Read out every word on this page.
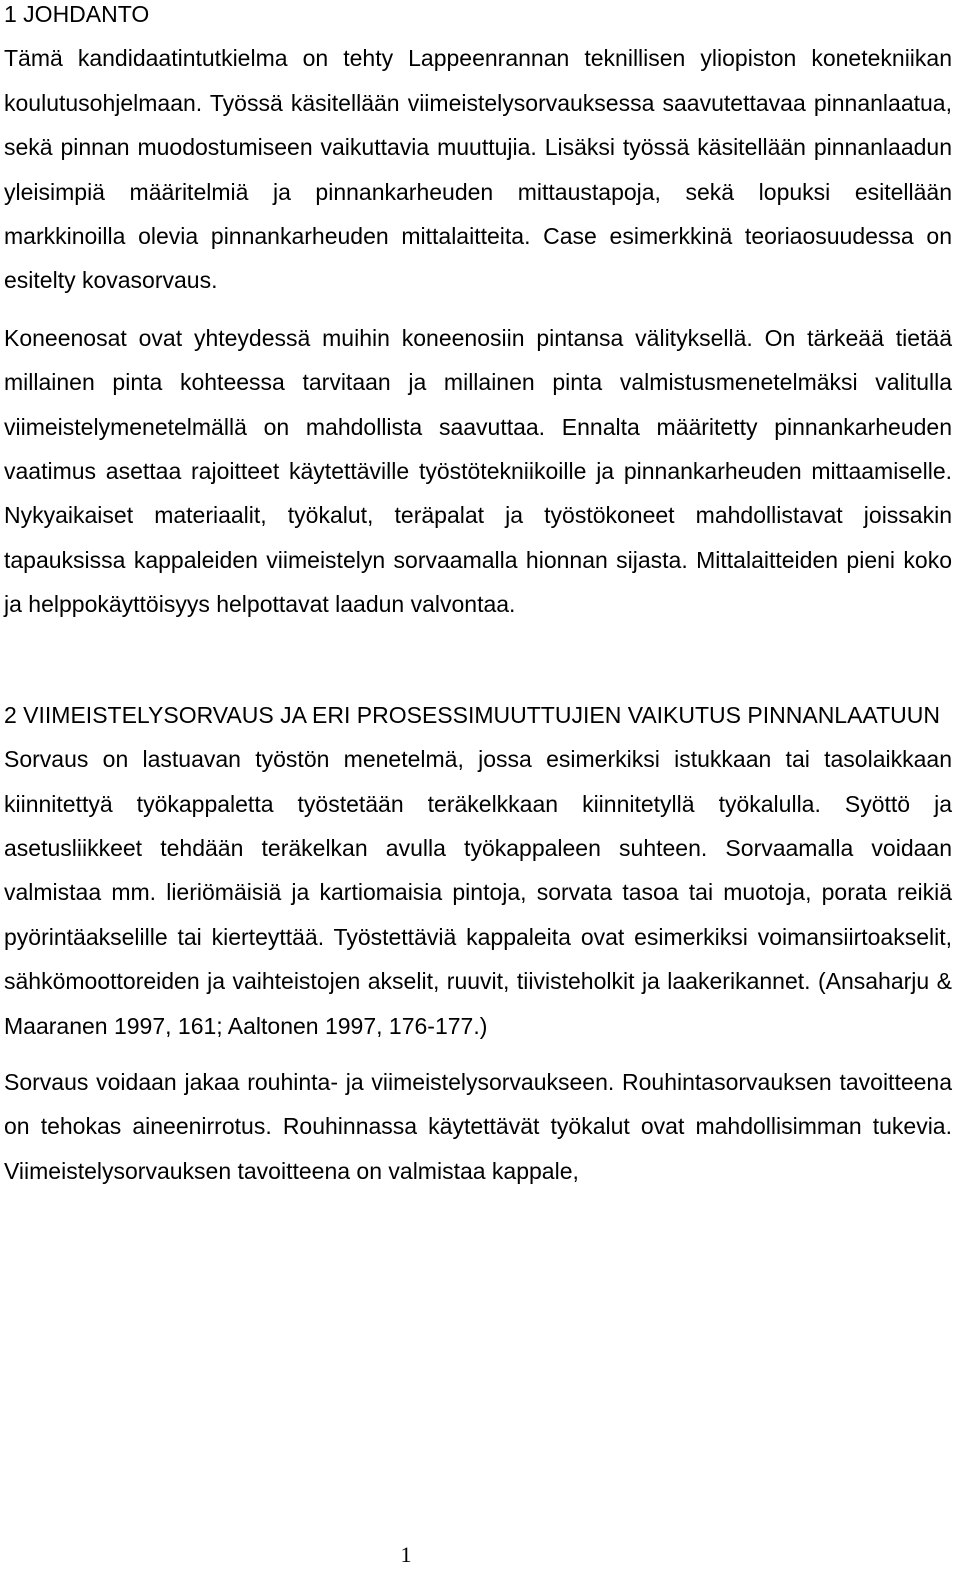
1 JOHDANTO

Tämä kandidaatintutkielma on tehty Lappeenrannan teknillisen yliopiston konetekniikan koulutusohjelmaan. Työssä käsitellään viimeistelysorvauksessa saavutettavaa pinnanlaatua, sekä pinnan muodostumiseen vaikuttavia muuttujia. Lisäksi työssä käsitellään pinnanlaadun yleisimpiä määritelmiä ja pinnankarheuden mittaustapoja, sekä lopuksi esitellään markkinoilla olevia pinnankarheuden mittalaitteita. Case esimerkkinä teoriaosuudessa on esitelty kovasorvaus.

Koneenosat ovat yhteydessä muihin koneenosiin pintansa välityksellä. On tärkeää tietää millainen pinta kohteessa tarvitaan ja millainen pinta valmistusmenetelmäksi valitulla viimeistelymenetelmällä on mahdollista saavuttaa. Ennalta määritetty pinnankarheuden vaatimus asettaa rajoitteet käytettäville työstötekniikoille ja pinnankarheuden mittaamiselle. Nykyaikaiset materiaalit, työkalut, teräpalat ja työstökoneet mahdollistavat joissakin tapauksissa kappaleiden viimeistelyn sorvaamalla hionnan sijasta. Mittalaitteiden pieni koko ja helppokäyttöisyys helpottavat laadun valvontaa.

2 VIIMEISTELYSORVAUS JA ERI PROSESSIMUUTTUJIEN VAIKUTUS PINNANLAATUUN

Sorvaus on lastuavan työstön menetelmä, jossa esimerkiksi istukkaan tai tasolaikkaan kiinnitettyä työkappaletta työstetään teräkelkkaan kiinnitetyllä työkalulla. Syöttö ja asetusliikkeet tehdään teräkelkan avulla työkappaleen suhteen. Sorvaamalla voidaan valmistaa mm. lieriömäisiä ja kartiomaisia pintoja, sorvata tasoa tai muotoja, porata reikiä pyörintäakselille tai kierteyttää. Työstettäviä kappaleita ovat esimerkiksi voimansiirtoakselit, sähkömoottoreiden ja vaihteistojen akselit, ruuvit, tiivisteholkit ja laakerikannet. (Ansaharju & Maaranen 1997, 161; Aaltonen 1997, 176-177.)

Sorvaus voidaan jakaa rouhinta- ja viimeistelysorvaukseen. Rouhintasorvauksen tavoitteena on tehokas aineenirrotus. Rouhinnassa käytettävät työkalut ovat mahdollisimman tukevia. Viimeistelysorvauksen tavoitteena on valmistaa kappale,

1
